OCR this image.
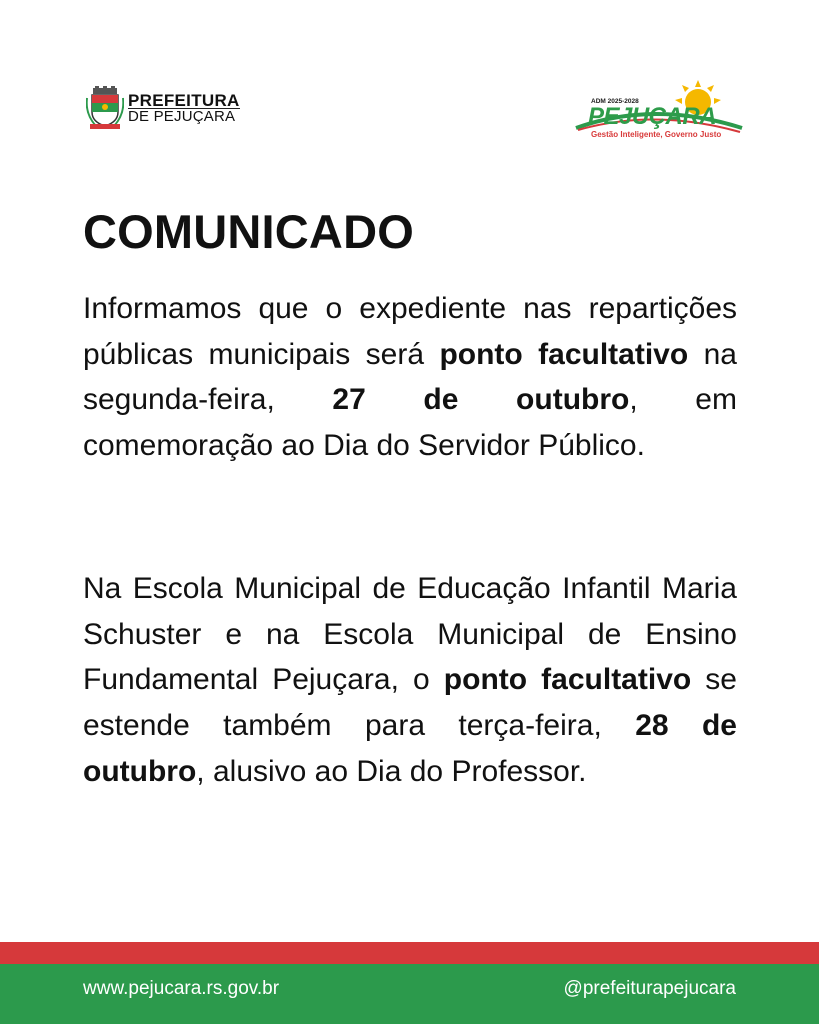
PREFEITURA
DE PEJUÇARA
ADM 2025-2028
PEJUÇARA
Gestão Inteligente, Governo Justo
COMUNICADO

Informamos que o expediente nas repartições públicas municipais será ponto facultativo na segunda-feira, 27 de outubro, em comemoração ao Dia do Servidor Público.

Na Escola Municipal de Educação Infantil Maria Schuster e na Escola Municipal de Ensino Fundamental Pejuçara, o ponto facultativo se estende também para terça-feira, 28 de outubro, alusivo ao Dia do Professor.

www.pejucara.rs.gov.br	@prefeiturapejucara
